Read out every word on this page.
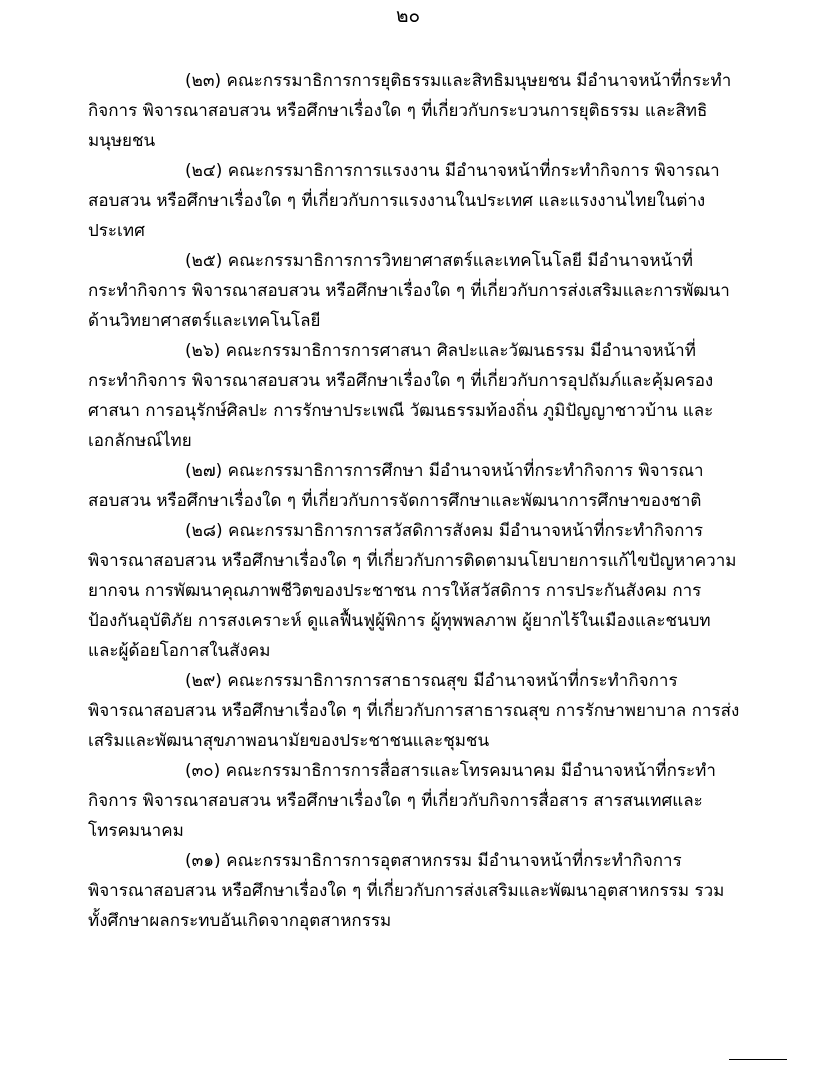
๒๐

(๒๓) คณะกรรมาธิการการยุติธรรมและสิทธิมนุษยชน มีอำนาจหน้าที่กระทำกิจการ พิจารณาสอบสวน หรือศึกษาเรื่องใด ๆ ที่เกี่ยวกับกระบวนการยุติธรรม และสิทธิมนุษยชน

(๒๔) คณะกรรมาธิการการแรงงาน มีอำนาจหน้าที่กระทำกิจการ พิจารณาสอบสวน หรือศึกษาเรื่องใด ๆ ที่เกี่ยวกับการแรงงานในประเทศ และแรงงานไทยในต่างประเทศ

(๒๕) คณะกรรมาธิการการวิทยาศาสตร์และเทคโนโลยี มีอำนาจหน้าที่กระทำกิจการ พิจารณาสอบสวน หรือศึกษาเรื่องใด ๆ ที่เกี่ยวกับการส่งเสริมและการพัฒนาด้านวิทยาศาสตร์และเทคโนโลยี

(๒๖) คณะกรรมาธิการการศาสนา ศิลปะและวัฒนธรรม มีอำนาจหน้าที่กระทำกิจการ พิจารณาสอบสวน หรือศึกษาเรื่องใด ๆ ที่เกี่ยวกับการอุปถัมภ์และคุ้มครองศาสนา การอนุรักษ์ศิลปะ การรักษาประเพณี วัฒนธรรมท้องถิ่น ภูมิปัญญาชาวบ้าน และเอกลักษณ์ไทย

(๒๗) คณะกรรมาธิการการศึกษา มีอำนาจหน้าที่กระทำกิจการ พิจารณาสอบสวน หรือศึกษาเรื่องใด ๆ ที่เกี่ยวกับการจัดการศึกษาและพัฒนาการศึกษาของชาติ

(๒๘) คณะกรรมาธิการการสวัสดิการสังคม มีอำนาจหน้าที่กระทำกิจการ พิจารณาสอบสวน หรือศึกษาเรื่องใด ๆ ที่เกี่ยวกับการติดตามนโยบายการแก้ไขปัญหาความยากจน การพัฒนาคุณภาพชีวิตของประชาชน การให้สวัสดิการ การประกันสังคม การป้องกันอุบัติภัย การสงเคราะห์ ดูแลฟื้นฟูผู้พิการ ผู้ทุพพลภาพ ผู้ยากไร้ในเมืองและชนบท และผู้ด้อยโอกาสในสังคม

(๒๙) คณะกรรมาธิการการสาธารณสุข มีอำนาจหน้าที่กระทำกิจการ พิจารณาสอบสวน หรือศึกษาเรื่องใด ๆ ที่เกี่ยวกับการสาธารณสุข การรักษาพยาบาล การส่งเสริมและพัฒนาสุขภาพอนามัยของประชาชนและชุมชน

(๓๐) คณะกรรมาธิการการสื่อสารและโทรคมนาคม มีอำนาจหน้าที่กระทำกิจการ พิจารณาสอบสวน หรือศึกษาเรื่องใด ๆ ที่เกี่ยวกับกิจการสื่อสาร สารสนเทศและโทรคมนาคม

(๓๑) คณะกรรมาธิการการอุตสาหกรรม มีอำนาจหน้าที่กระทำกิจการ พิจารณาสอบสวน หรือศึกษาเรื่องใด ๆ ที่เกี่ยวกับการส่งเสริมและพัฒนาอุตสาหกรรม รวมทั้งศึกษาผลกระทบอันเกิดจากอุตสาหกรรม
